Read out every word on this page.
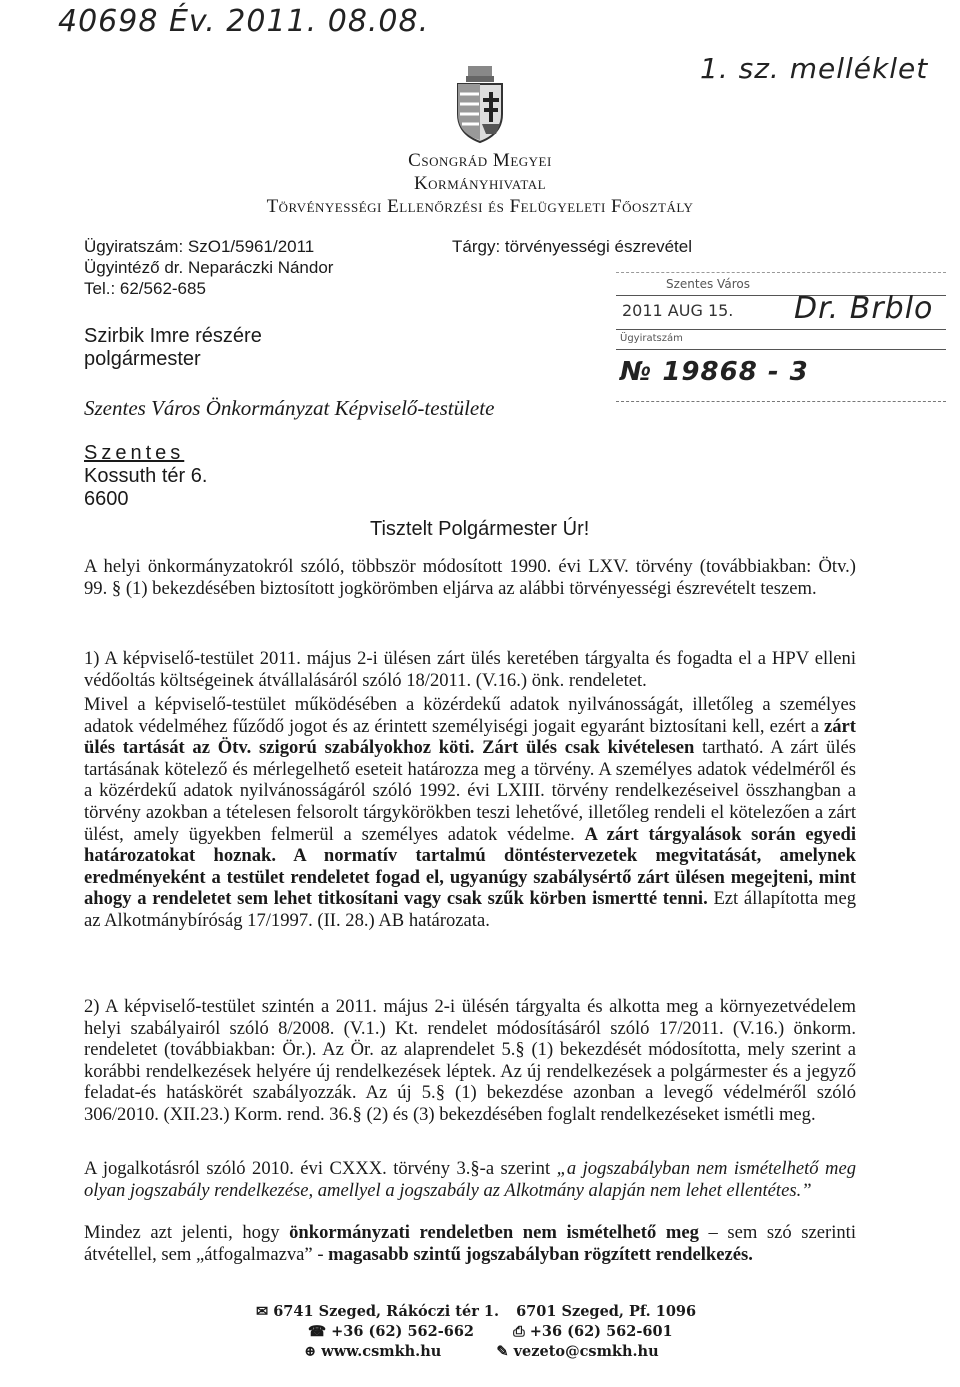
40698 Év. 2011. 08.08.
1. sz. melléklet
Csongrád Megyei
Kormányhivatal
Törvényességi Ellenőrzési és Felügyeleti Főosztály
Ügyiratszám: SzO1/5961/2011
Ügyintéző dr. Neparáczki Nándor
Tel.: 62/562-685
Tárgy: törvényességi észrevétel
Szentes Város
2011 AUG 15.
Ügyiratszám
№ 19868 - 3
Dr. Brblo
Szirbik Imre részére
polgármester
Szentes Város Önkormányzat Képviselő-testülete
Szentes
Kossuth tér 6.
6600
Tisztelt Polgármester Úr!

A helyi önkormányzatokról szóló, többször módosított 1990. évi LXV. törvény (továbbiakban: Ötv.) 99. § (1) bekezdésében biztosított jogkörömben eljárva az alábbi törvényességi észrevételt teszem.

1) A képviselő-testület 2011. május 2-i ülésen zárt ülés keretében tárgyalta és fogadta el a HPV elleni védőoltás költségeinek átvállalásáról szóló 18/2011. (V.16.) önk. rendeletet.

Mivel a képviselő-testület működésében a közérdekű adatok nyilvánosságát, illetőleg a személyes adatok védelméhez fűződő jogot és az érintett személyiségi jogait egyaránt biztosítani kell, ezért a zárt ülés tartását az Ötv. szigorú szabályokhoz köti. Zárt ülés csak kivételesen tartható. A zárt ülés tartásának kötelező és mérlegelhető eseteit határozza meg a törvény. A személyes adatok védelméről és a közérdekű adatok nyilvánosságáról szóló 1992. évi LXIII. törvény rendelkezéseivel összhangban a törvény azokban a tételesen felsorolt tárgykörökben teszi lehetővé, illetőleg rendeli el kötelezően a zárt ülést, amely ügyekben felmerül a személyes adatok védelme. A zárt tárgyalások során egyedi határozatokat hoznak. A normatív tartalmú döntéstervezetek megvitatását, amelynek eredményeként a testület rendeletet fogad el, ugyanúgy szabálysértő zárt ülésen megejteni, mint ahogy a rendeletet sem lehet titkosítani vagy csak szűk körben ismertté tenni. Ezt állapította meg az Alkotmánybíróság 17/1997. (II. 28.) AB határozata.

2) A képviselő-testület szintén a 2011. május 2-i ülésén tárgyalta és alkotta meg a környezetvédelem helyi szabályairól szóló 8/2008. (V.1.) Kt. rendelet módosításáról szóló 17/2011. (V.16.) önkorm. rendeletet (továbbiakban: Ör.). Az Ör. az alaprendelet 5.§ (1) bekezdését módosította, mely szerint a korábbi rendelkezések helyére új rendelkezések léptek. Az új rendelkezések a polgármester és a jegyző feladat-és hatáskörét szabályozzák. Az új 5.§ (1) bekezdése azonban a levegő védelméről szóló 306/2010. (XII.23.) Korm. rend. 36.§ (2) és (3) bekezdésében foglalt rendelkezéseket ismétli meg.

A jogalkotásról szóló 2010. évi CXXX. törvény 3.§-a szerint „a jogszabályban nem ismételhető meg olyan jogszabály rendelkezése, amellyel a jogszabály az Alkotmány alapján nem lehet ellentétes.”

Mindez azt jelenti, hogy önkormányzati rendeletben nem ismételhető meg – sem szó szerinti átvétellel, sem „átfogalmazva” - magasabb szintű jogszabályban rögzített rendelkezés.

✉ 6741 Szeged, Rákóczi tér 1. 6701 Szeged, Pf. 1096
☎ +36 (62) 562-662	⎙ +36 (62) 562-601
⊕ www.csmkh.hu	✎ vezeto@csmkh.hu
